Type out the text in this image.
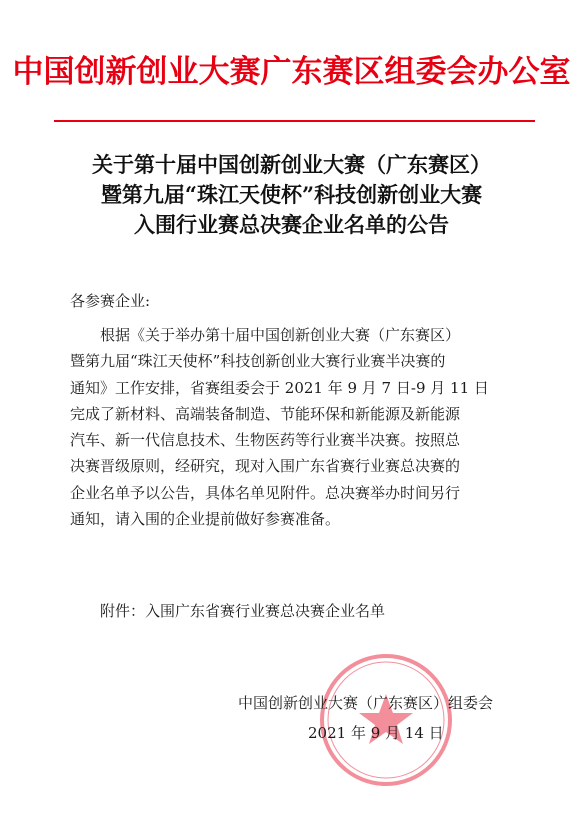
中国创新创业大赛广东赛区组委会办公室
关于第十届中国创新创业大赛（广东赛区）
暨第九届“珠江天使杯”科技创新创业大赛
入围行业赛总决赛企业名单的公告
各参赛企业:
根据《关于举办第十届中国创新创业大赛（广东赛区）
暨第九届“珠江天使杯”科技创新创业大赛行业赛半决赛的
通知》工作安排，省赛组委会于 2021 年 9 月 7 日-9 月 11 日
完成了新材料、高端装备制造、节能环保和新能源及新能源
汽车、新一代信息技术、生物医药等行业赛半决赛。按照总
决赛晋级原则，经研究，现对入围广东省赛行业赛总决赛的
企业名单予以公告，具体名单见附件。总决赛举办时间另行
通知，请入围的企业提前做好参赛准备。
附件：入围广东省赛行业赛总决赛企业名单
中国创新创业大赛（广东赛区）组委会
2021 年 9 月 14 日
